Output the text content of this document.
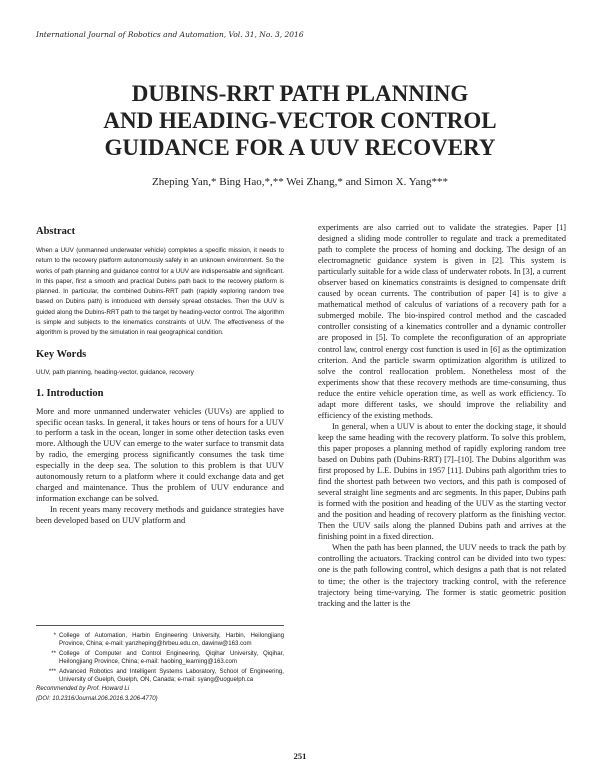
International Journal of Robotics and Automation, Vol. 31, No. 3, 2016
DUBINS-RRT PATH PLANNING
AND HEADING-VECTOR CONTROL
GUIDANCE FOR A UUV RECOVERY
Zheping Yan,* Bing Hao,*,** Wei Zhang,* and Simon X. Yang***
Abstract

When a UUV (unmanned underwater vehicle) completes a specific mission, it needs to return to the recovery platform autonomously safely in an unknown environment. So the works of path planning and guidance control for a UUV are indispensable and significant. In this paper, first a smooth and practical Dubins path back to the recovery platform is planned. In particular, the combined Dubins-RRT path (rapidly exploring random tree based on Dubins path) is introduced with densely spread obstacles. Then the UUV is guided along the Dubins-RRT path to the target by heading-vector control. The algorithm is simple and subjects to the kinematics constraints of UUV. The effectiveness of the algorithm is proved by the simulation in real geographical condition.

Key Words

UUV, path planning, heading-vector, guidance, recovery

1. Introduction

More and more unmanned underwater vehicles (UUVs) are applied to specific ocean tasks. In general, it takes hours or tens of hours for a UUV to perform a task in the ocean, longer in some other detection tasks even more. Although the UUV can emerge to the water surface to transmit data by radio, the emerging process significantly consumes the task time especially in the deep sea. The solution to this problem is that UUV autonomously return to a platform where it could exchange data and get charged and maintenance. Thus the problem of UUV endurance and information exchange can be solved.

In recent years many recovery methods and guidance strategies have been developed based on UUV platform and

experiments are also carried out to validate the strategies. Paper [1] designed a sliding mode controller to regulate and track a premeditated path to complete the process of homing and docking. The design of an electromagnetic guidance system is given in [2]. This system is particularly suitable for a wide class of underwater robots. In [3], a current observer based on kinematics constraints is designed to compensate drift caused by ocean currents. The contribution of paper [4] is to give a mathematical method of calculus of variations of a recovery path for a submerged mobile. The bio-inspired control method and the cascaded controller consisting of a kinematics controller and a dynamic controller are proposed in [5]. To complete the reconfiguration of an appropriate control law, control energy cost function is used in [6] as the optimization criterion. And the particle swarm optimization algorithm is utilized to solve the control reallocation problem. Nonetheless most of the experiments show that these recovery methods are time-consuming, thus reduce the entire vehicle operation time, as well as work efficiency. To adapt more different tasks, we should improve the reliability and efficiency of the existing methods.

In general, when a UUV is about to enter the docking stage, it should keep the same heading with the recovery platform. To solve this problem, this paper proposes a planning method of rapidly exploring random tree based on Dubins path (Dubins-RRT) [7]–[10]. The Dubins algorithm was first proposed by L.E. Dubins in 1957 [11]. Dubins path algorithm tries to find the shortest path between two vectors, and this path is composed of several straight line segments and arc segments. In this paper, Dubins path is formed with the position and heading of the UUV as the starting vector and the position and heading of recovery platform as the finishing vector. Then the UUV sails along the planned Dubins path and arrives at the finishing point in a fixed direction.

When the path has been planned, the UUV needs to track the path by controlling the actuators. Tracking control can be divided into two types: one is the path following control, which designs a path that is not related to time; the other is the trajectory tracking control, with the reference trajectory being time-varying. The former is static geometric position tracking and the latter is the

* College of Automation, Harbin Engineering University, Harbin, Heilongjiang Province, China; e-mail: yanzheping@hrbeu.edu.cn, dawinw@163.com
** College of Computer and Control Engineering, Qiqihar University, Qiqihar, Heilongjiang Province, China; e-mail: haobing_learning@163.com
*** Advanced Robotics and Intelligent Systems Laboratory, School of Engineering, University of Guelph, Guelph, ON, Canada; e-mail: syang@uoguelph.ca
Recommended by Prof. Howard Li
(DOI: 10.2316/Journal.206.2016.3.206-4770)
251
